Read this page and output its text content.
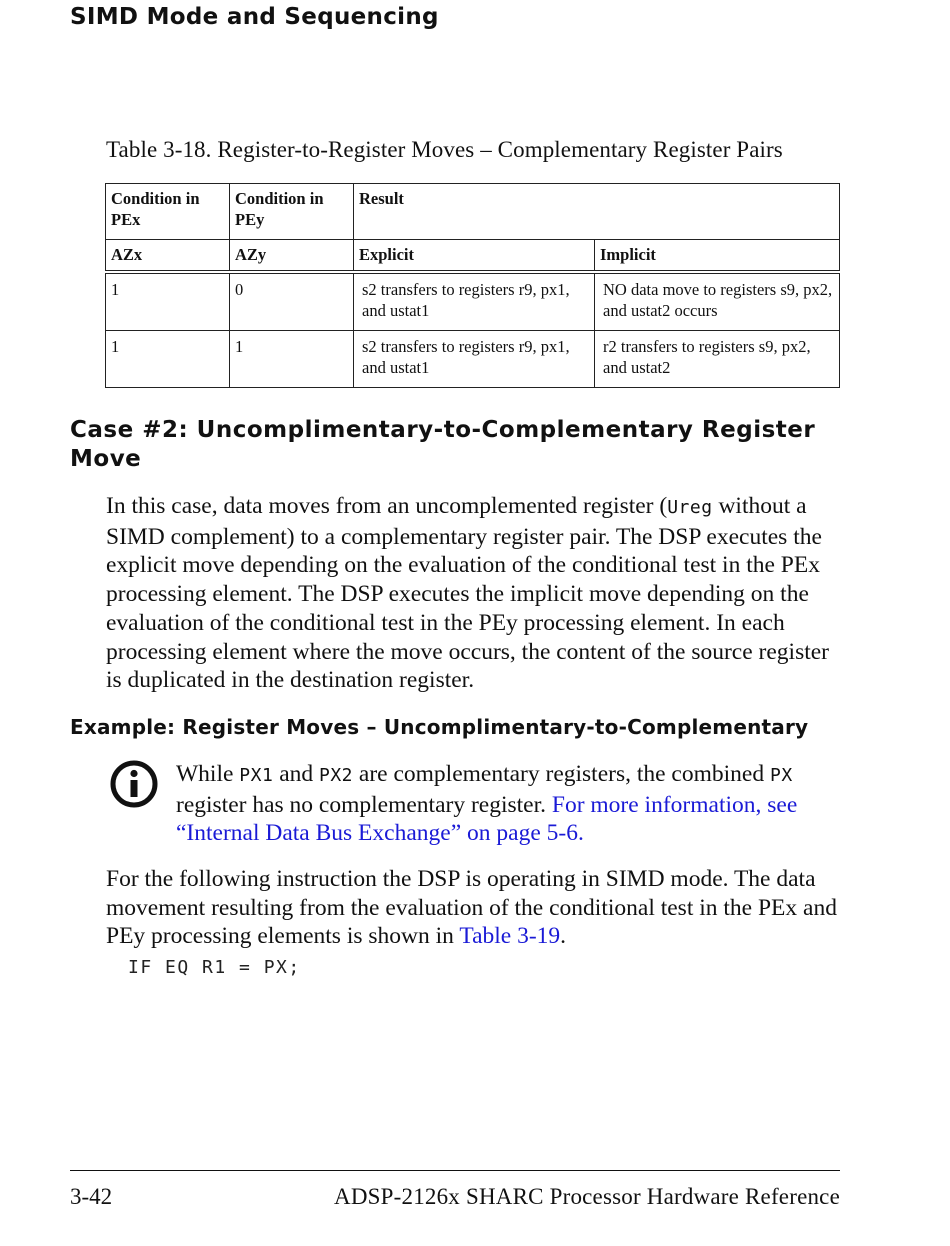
SIMD Mode and Sequencing
Table 3-18. Register-to-Register Moves – Complementary Register Pairs
Condition in PEx	Condition in PEy	Result	
AZx	AZy	Explicit	Implicit
1	0	s2 transfers to registers r9, px1, and ustat1	NO data move to registers s9, px2, and ustat2 occurs
1	1	s2 transfers to registers r9, px1, and ustat1	r2 transfers to registers s9, px2, and ustat2
Case #2: Uncomplimentary-to-Complementary Register Move
In this case, data moves from an uncomplemented register (Ureg without a SIMD complement) to a complementary register pair. The DSP executes the explicit move depending on the evaluation of the conditional test in the PEx processing element. The DSP executes the implicit move depending on the evaluation of the conditional test in the PEy processing element. In each processing element where the move occurs, the content of the source register is duplicated in the destination register.
Example: Register Moves – Uncomplimentary-to-Complementary
While PX1 and PX2 are complementary registers, the combined PX register has no complementary register. For more information, see “Internal Data Bus Exchange” on page 5-6.
For the following instruction the DSP is operating in SIMD mode. The data movement resulting from the evaluation of the conditional test in the PEx and PEy processing elements is shown in Table 3-19.
IF EQ R1 = PX;
3-42	ADSP-2126x SHARC Processor Hardware Reference
